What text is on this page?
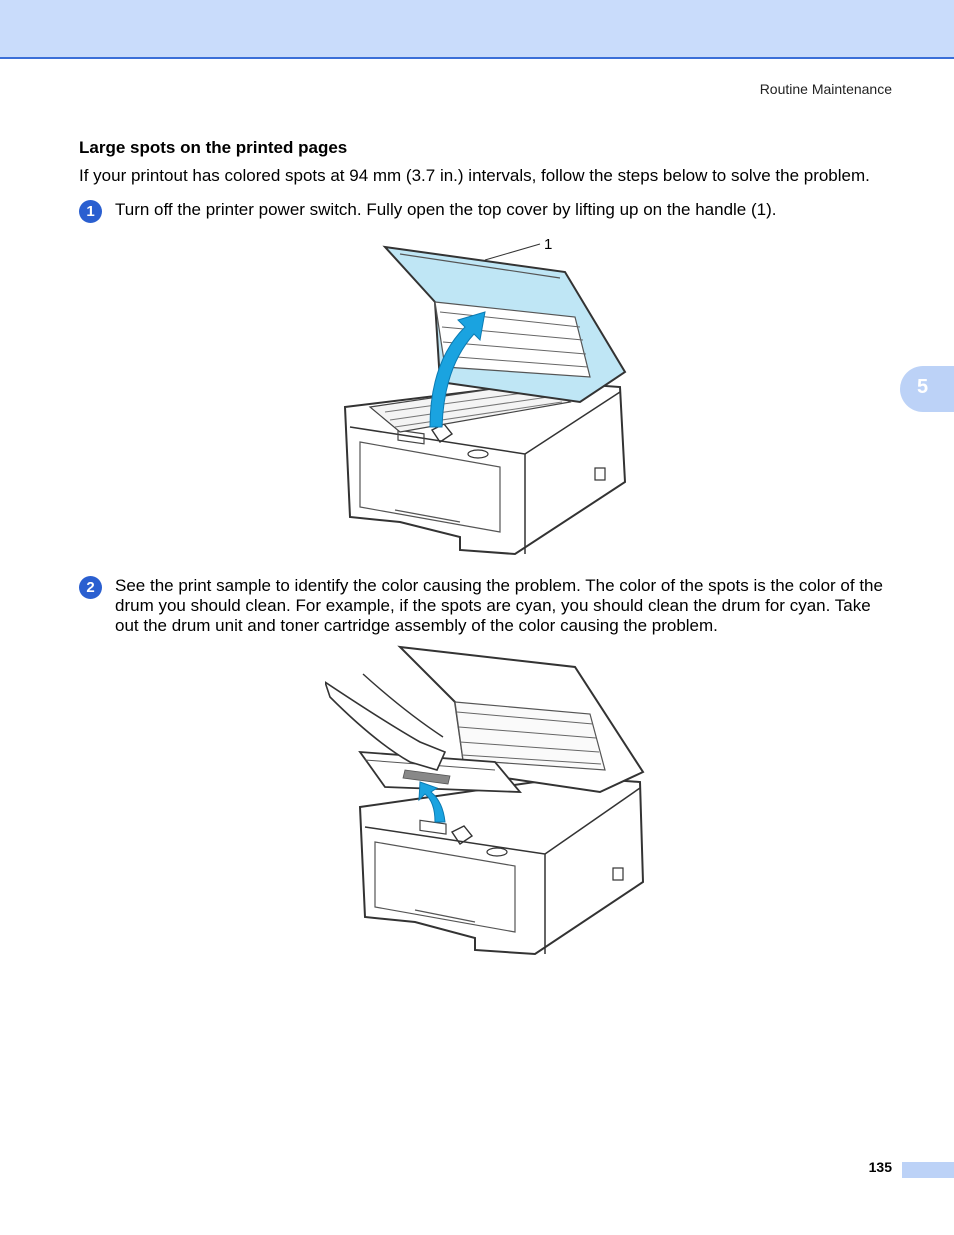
Routine Maintenance
5
Large spots on the printed pages
If your printout has colored spots at 94 mm (3.7 in.) intervals, follow the steps below to solve the problem.
1	Turn off the printer power switch. Fully open the top cover by lifting up on the handle (1).
1
2	See the print sample to identify the color causing the problem. The color of the spots is the color of the drum you should clean. For example, if the spots are cyan, you should clean the drum for cyan. Take out the drum unit and toner cartridge assembly of the color causing the problem.
135
